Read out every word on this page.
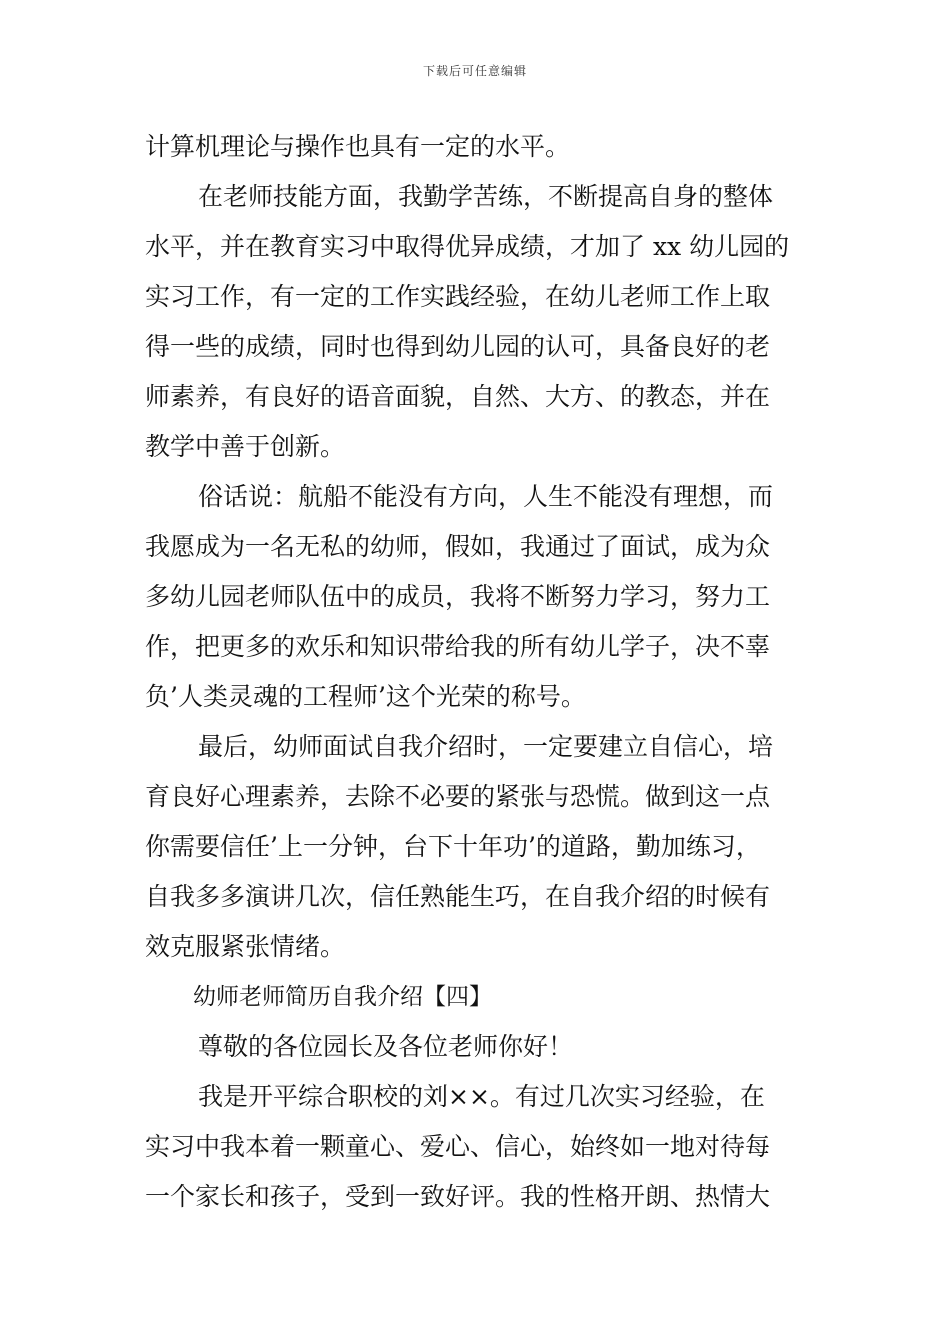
下载后可任意编辑
计算机理论与操作也具有一定的水平。
在老师技能方面，我勤学苦练，不断提高自身的整体
水平，并在教育实习中取得优异成绩，才加了 xx 幼儿园的
实习工作，有一定的工作实践经验，在幼儿老师工作上取
得一些的成绩，同时也得到幼儿园的认可，具备良好的老
师素养，有良好的语音面貌，自然、大方、的教态，并在
教学中善于创新。
俗话说：航船不能没有方向，人生不能没有理想，而
我愿成为一名无私的幼师，假如，我通过了面试，成为众
多幼儿园老师队伍中的成员，我将不断努力学习，努力工
作，把更多的欢乐和知识带给我的所有幼儿学子，决不辜
负’人类灵魂的工程师’这个光荣的称号。
最后，幼师面试自我介绍时，一定要建立自信心，培
育良好心理素养，去除不必要的紧张与恐慌。做到这一点
你需要信任’上一分钟，台下十年功’的道路，勤加练习，
自我多多演讲几次，信任熟能生巧，在自我介绍的时候有
效克服紧张情绪。
幼师老师简历自我介绍【四】
尊敬的各位园长及各位老师你好！
我是开平综合职校的刘××。有过几次实习经验，在
实习中我本着一颗童心、爱心、信心，始终如一地对待每
一个家长和孩子，受到一致好评。我的性格开朗、热情大
